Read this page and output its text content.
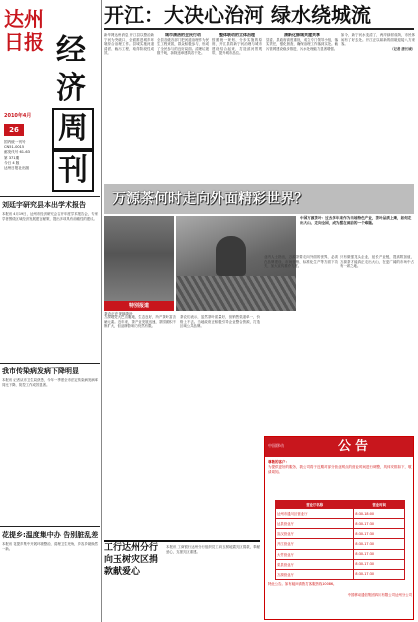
达州
日报 经
济
周
刊
2010年4月
26
国内统一刊号
CN51-0015
邮发代号 61-63
第 371期
今日 4 版
达州日报社出版
开江：大决心治河 绿水绕城流
新华网达州消息 开江县以整治新宁河为突破口，全面推进城乡环境综合治理工作。县城实施河道清淤、截污工程，取得阶段性成效。
城市清洁的全民行动
全县各级各部门把河道治理作为民生工程来抓，群众积极参与，形成了全民参与的良好局面。清理垃圾数千吨，拆除违章建筑若干处。
整体联动的立体治理
按照统一规划、分步实施的原则，开江县将新宁河治理与城市建设结合起来，打造滨河景观带，提升城市品位。
清新化绿城共建共享
县委、县政府高度重视，成立专门领导小组，落实责任，强化督查，确保治理工作落到实处。截污管网建设稳步推进，污水处理能力显著增强。
如今，新宁河水变清了，两岸绿树成荫，市民休闲有了好去处。开江正以崭新的面貌迎接八方来客。
（记者 唐长城）
万源茶何时走向外面精彩世界？
特别报道
中国万源茶叶：过去多年来作为当地特色产业，茶叶品质上乘，如何走出大山、走向全国，成为摆在面前的一个难题。
茶农正在采摘茶叶
万源地处大巴山腹地，生态良好，所产茶叶富含硒元素。近年来，茶产业发展迅速，茶园面积不断扩大，但品牌影响力仍然有限。
茶农们表示，虽然茶叶质量好，但销售渠道单一，价格上不去。当地政府正积极引导企业整合资源，打造区域公共品牌。
业内人士指出，万源茶要走向外面的世界，必须在品牌建设、市场营销、标准化生产等方面下功夫，加大宣传推介力度。
只有做强龙头企业，延长产业链，提高附加值，万源茶才能真正走出大山，在更广阔的市场中占有一席之地。
刘廷宇研究县本出学术报告
本报讯 4月19日，达州市经济研究会召开年度学术报告会，专家学者围绕区域经济发展建言献策，提出多项具有前瞻性的建议。
我市传染病发病下降明显
本报讯 记者从市卫生局获悉，今年一季度全市法定传染病发病率同比下降，防控工作成效显著。
花提乡:温度集中办 告别脏乱差
本报讯 花提乡集中开展环境整治，清理卫生死角，乡容乡貌焕然一新。
中国移动	公告
尊敬的客户：
为提供更好的服务，我公司将于近期对部分营业网点的营业时间进行调整，具体安排如下，敬请周知。
营业厅名称	营业时间
达州市通川区营业厅	8:30-18:00
达县营业厅	8:30-17:30
宣汉营业厅	8:30-17:30
开江营业厅	8:30-17:30
大竹营业厅	8:30-17:30
渠县营业厅	8:30-17:30
万源营业厅	8:30-17:30
特此公告。如有疑问请拨打客服热线10086。
中国移动通信集团四川有限公司达州分公司
工行达州分行向玉树灾区捐款献爱心
本报讯 工商银行达州分行组织员工向玉树地震灾区捐款，奉献爱心，支援灾区重建。
